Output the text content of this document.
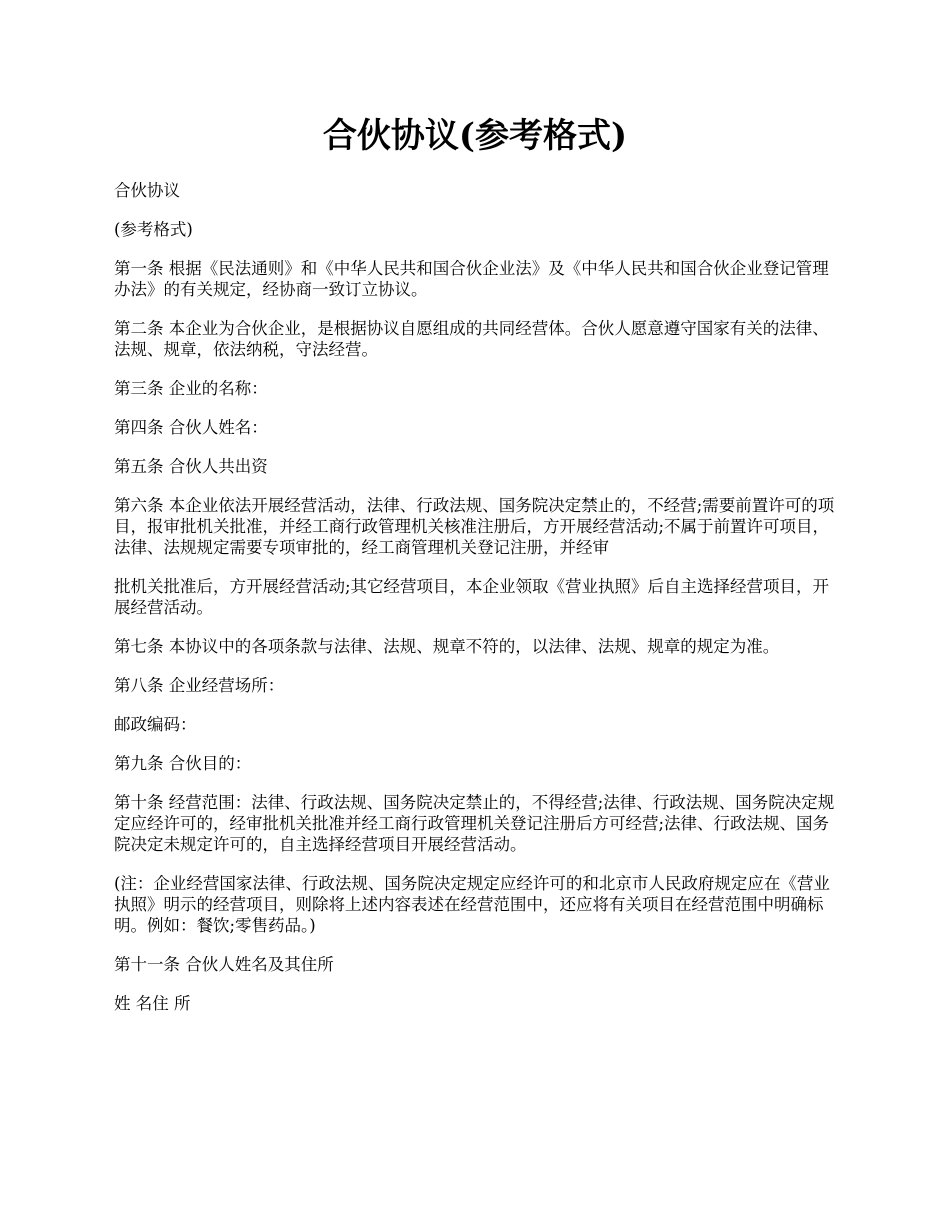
合伙协议(参考格式)

合伙协议

(参考格式)

第一条 根据《民法通则》和《中华人民共和国合伙企业法》及《中华人民共和国合伙企业登记管理办法》的有关规定，经协商一致订立协议。

第二条 本企业为合伙企业，是根据协议自愿组成的共同经营体。合伙人愿意遵守国家有关的法律、法规、规章，依法纳税，守法经营。

第三条 企业的名称：

第四条 合伙人姓名：

第五条 合伙人共出资

第六条 本企业依法开展经营活动，法律、行政法规、国务院决定禁止的，不经营;需要前置许可的项目，报审批机关批准，并经工商行政管理机关核准注册后，方开展经营活动;不属于前置许可项目，法律、法规规定需要专项审批的，经工商管理机关登记注册，并经审

批机关批准后，方开展经营活动;其它经营项目，本企业领取《营业执照》后自主选择经营项目，开展经营活动。

第七条 本协议中的各项条款与法律、法规、规章不符的，以法律、法规、规章的规定为准。

第八条 企业经营场所：

邮政编码：

第九条 合伙目的：

第十条 经营范围：法律、行政法规、国务院决定禁止的，不得经营;法律、行政法规、国务院决定规定应经许可的，经审批机关批准并经工商行政管理机关登记注册后方可经营;法律、行政法规、国务院决定未规定许可的，自主选择经营项目开展经营活动。

(注：企业经营国家法律、行政法规、国务院决定规定应经许可的和北京市人民政府规定应在《营业执照》明示的经营项目，则除将上述内容表述在经营范围中，还应将有关项目在经营范围中明确标明。例如：餐饮;零售药品。)

第十一条 合伙人姓名及其住所

姓 名住 所
